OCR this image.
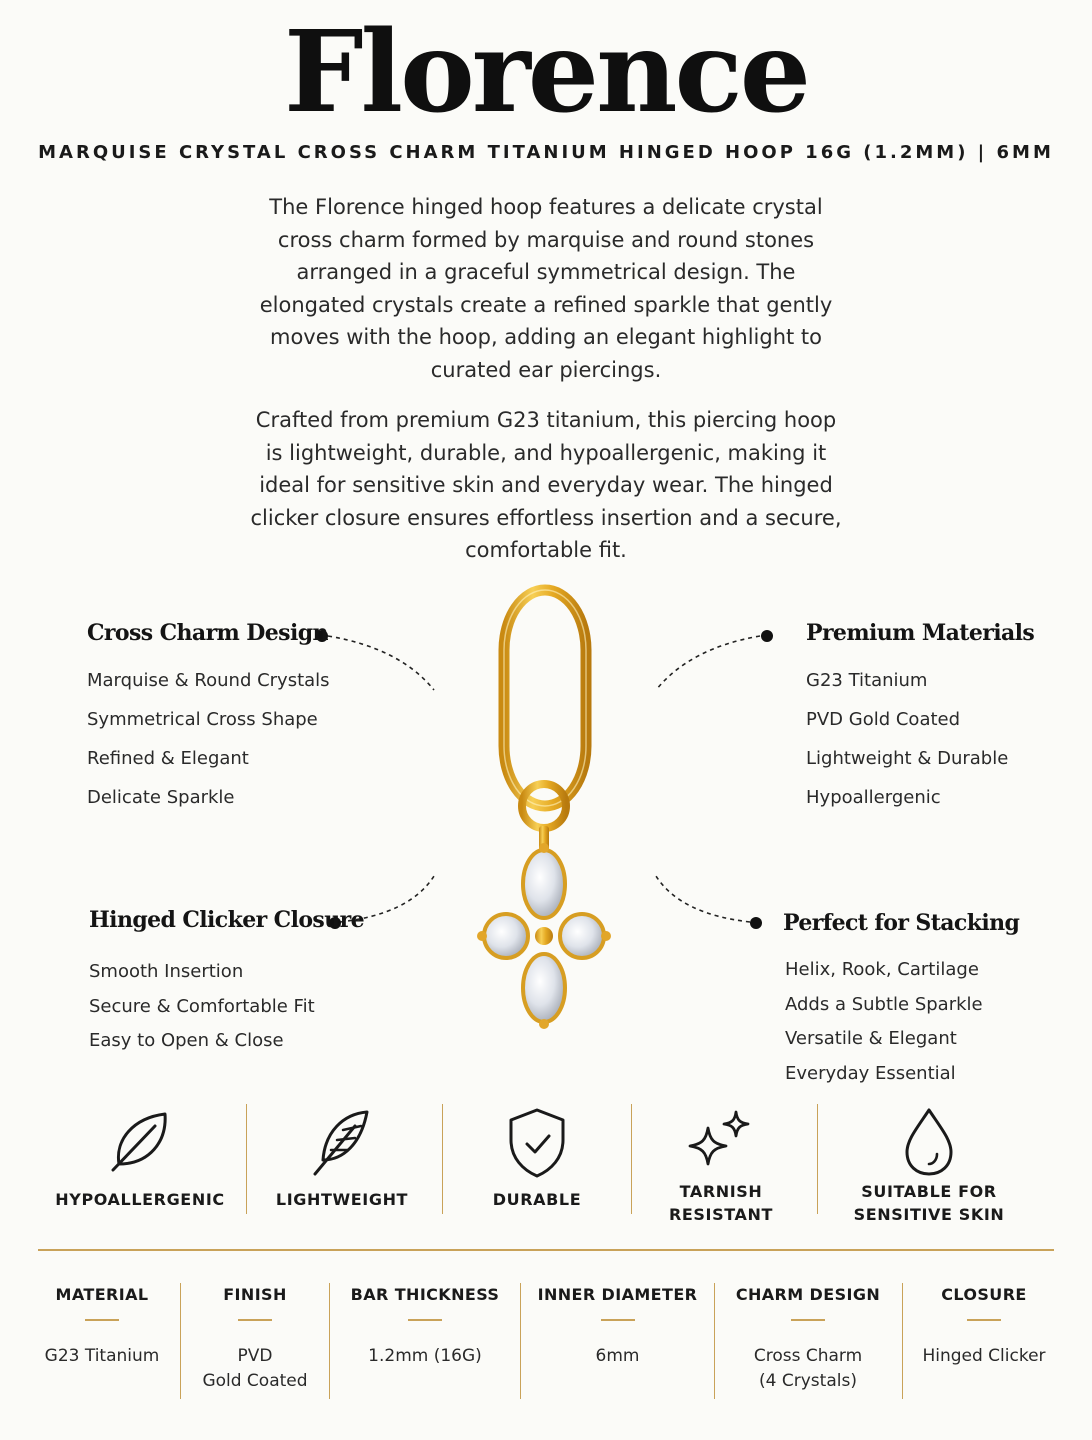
Florence
MARQUISE CRYSTAL CROSS CHARM TITANIUM HINGED HOOP 16G (1.2MM) | 6MM
The Florence hinged hoop features a delicate crystal cross charm formed by marquise and round stones arranged in a graceful symmetrical design. The elongated crystals create a refined sparkle that gently moves with the hoop, adding an elegant highlight to curated ear piercings.
Crafted from premium G23 titanium, this piercing hoop is lightweight, durable, and hypoallergenic, making it ideal for sensitive skin and everyday wear. The hinged clicker closure ensures effortless insertion and a secure, comfortable fit.
Cross Charm Design
Marquise & Round Crystals
Symmetrical Cross Shape
Refined & Elegant
Delicate Sparkle
Premium Materials
G23 Titanium
PVD Gold Coated
Lightweight & Durable
Hypoallergenic
Hinged Clicker Closure
Smooth Insertion
Secure & Comfortable Fit
Easy to Open & Close
Perfect for Stacking
Helix, Rook, Cartilage
Adds a Subtle Sparkle
Versatile & Elegant
Everyday Essential
HYPOALLERGENIC	LIGHTWEIGHT	DURABLE	TARNISH
RESISTANT
SUITABLE FOR
SENSITIVE SKIN
MATERIAL
G23 Titanium
FINISH
PVD
Gold Coated
BAR THICKNESS
1.2mm (16G)
INNER DIAMETER
6mm
CHARM DESIGN
Cross Charm
(4 Crystals)
CLOSURE
Hinged Clicker
